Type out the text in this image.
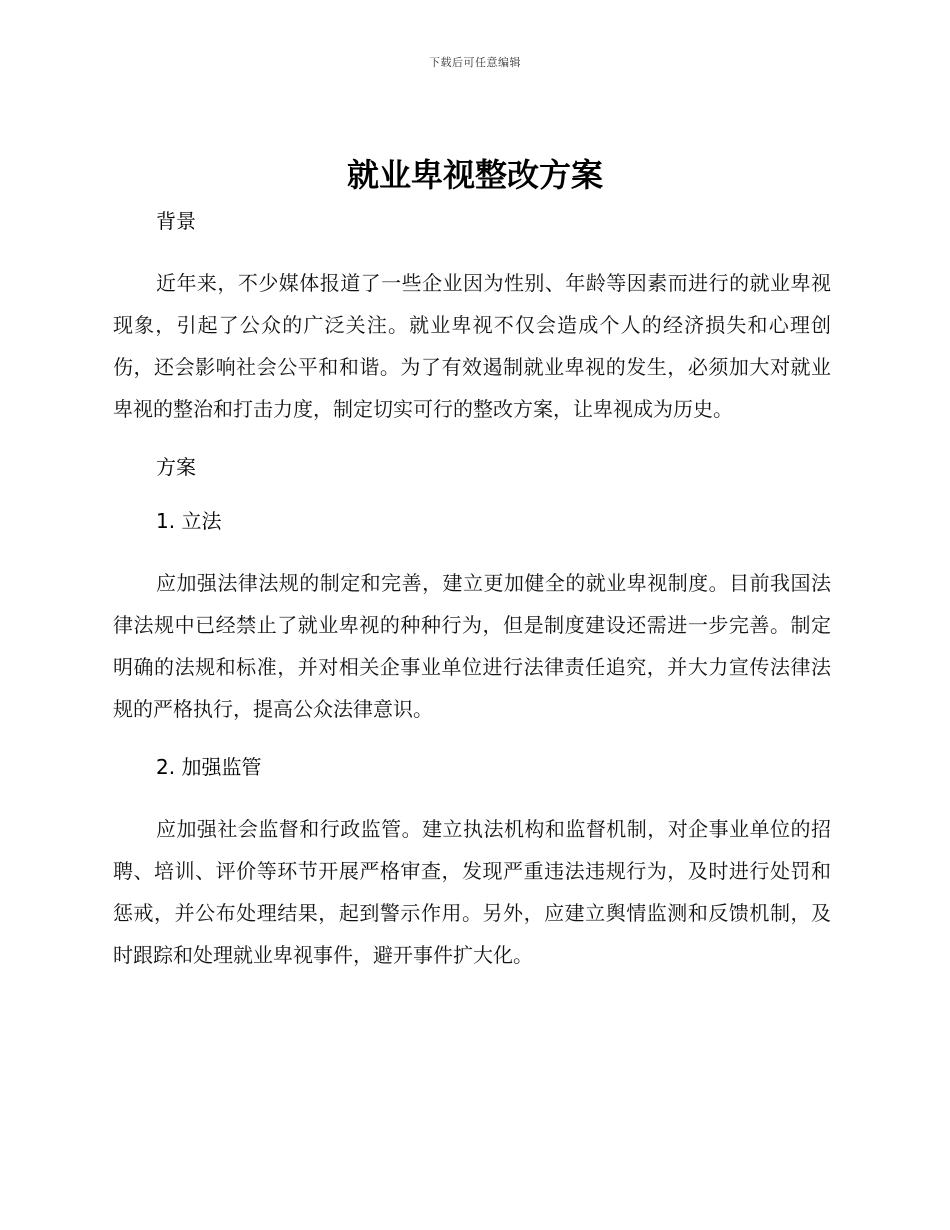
下载后可任意编辑
就业卑视整改方案
背景

近年来，不少媒体报道了一些企业因为性别、年龄等因素而进行的就业卑视现象，引起了公众的广泛关注。就业卑视不仅会造成个人的经济损失和心理创伤，还会影响社会公平和和谐。为了有效遏制就业卑视的发生，必须加大对就业卑视的整治和打击力度，制定切实可行的整改方案，让卑视成为历史。

方案
1. 立法

应加强法律法规的制定和完善，建立更加健全的就业卑视制度。目前我国法律法规中已经禁止了就业卑视的种种行为，但是制度建设还需进一步完善。制定明确的法规和标准，并对相关企事业单位进行法律责任追究，并大力宣传法律法规的严格执行，提高公众法律意识。

2. 加强监管

应加强社会监督和行政监管。建立执法机构和监督机制，对企事业单位的招聘、培训、评价等环节开展严格审查，发现严重违法违规行为，及时进行处罚和惩戒，并公布处理结果，起到警示作用。另外，应建立舆情监测和反馈机制，及时跟踪和处理就业卑视事件，避开事件扩大化。
